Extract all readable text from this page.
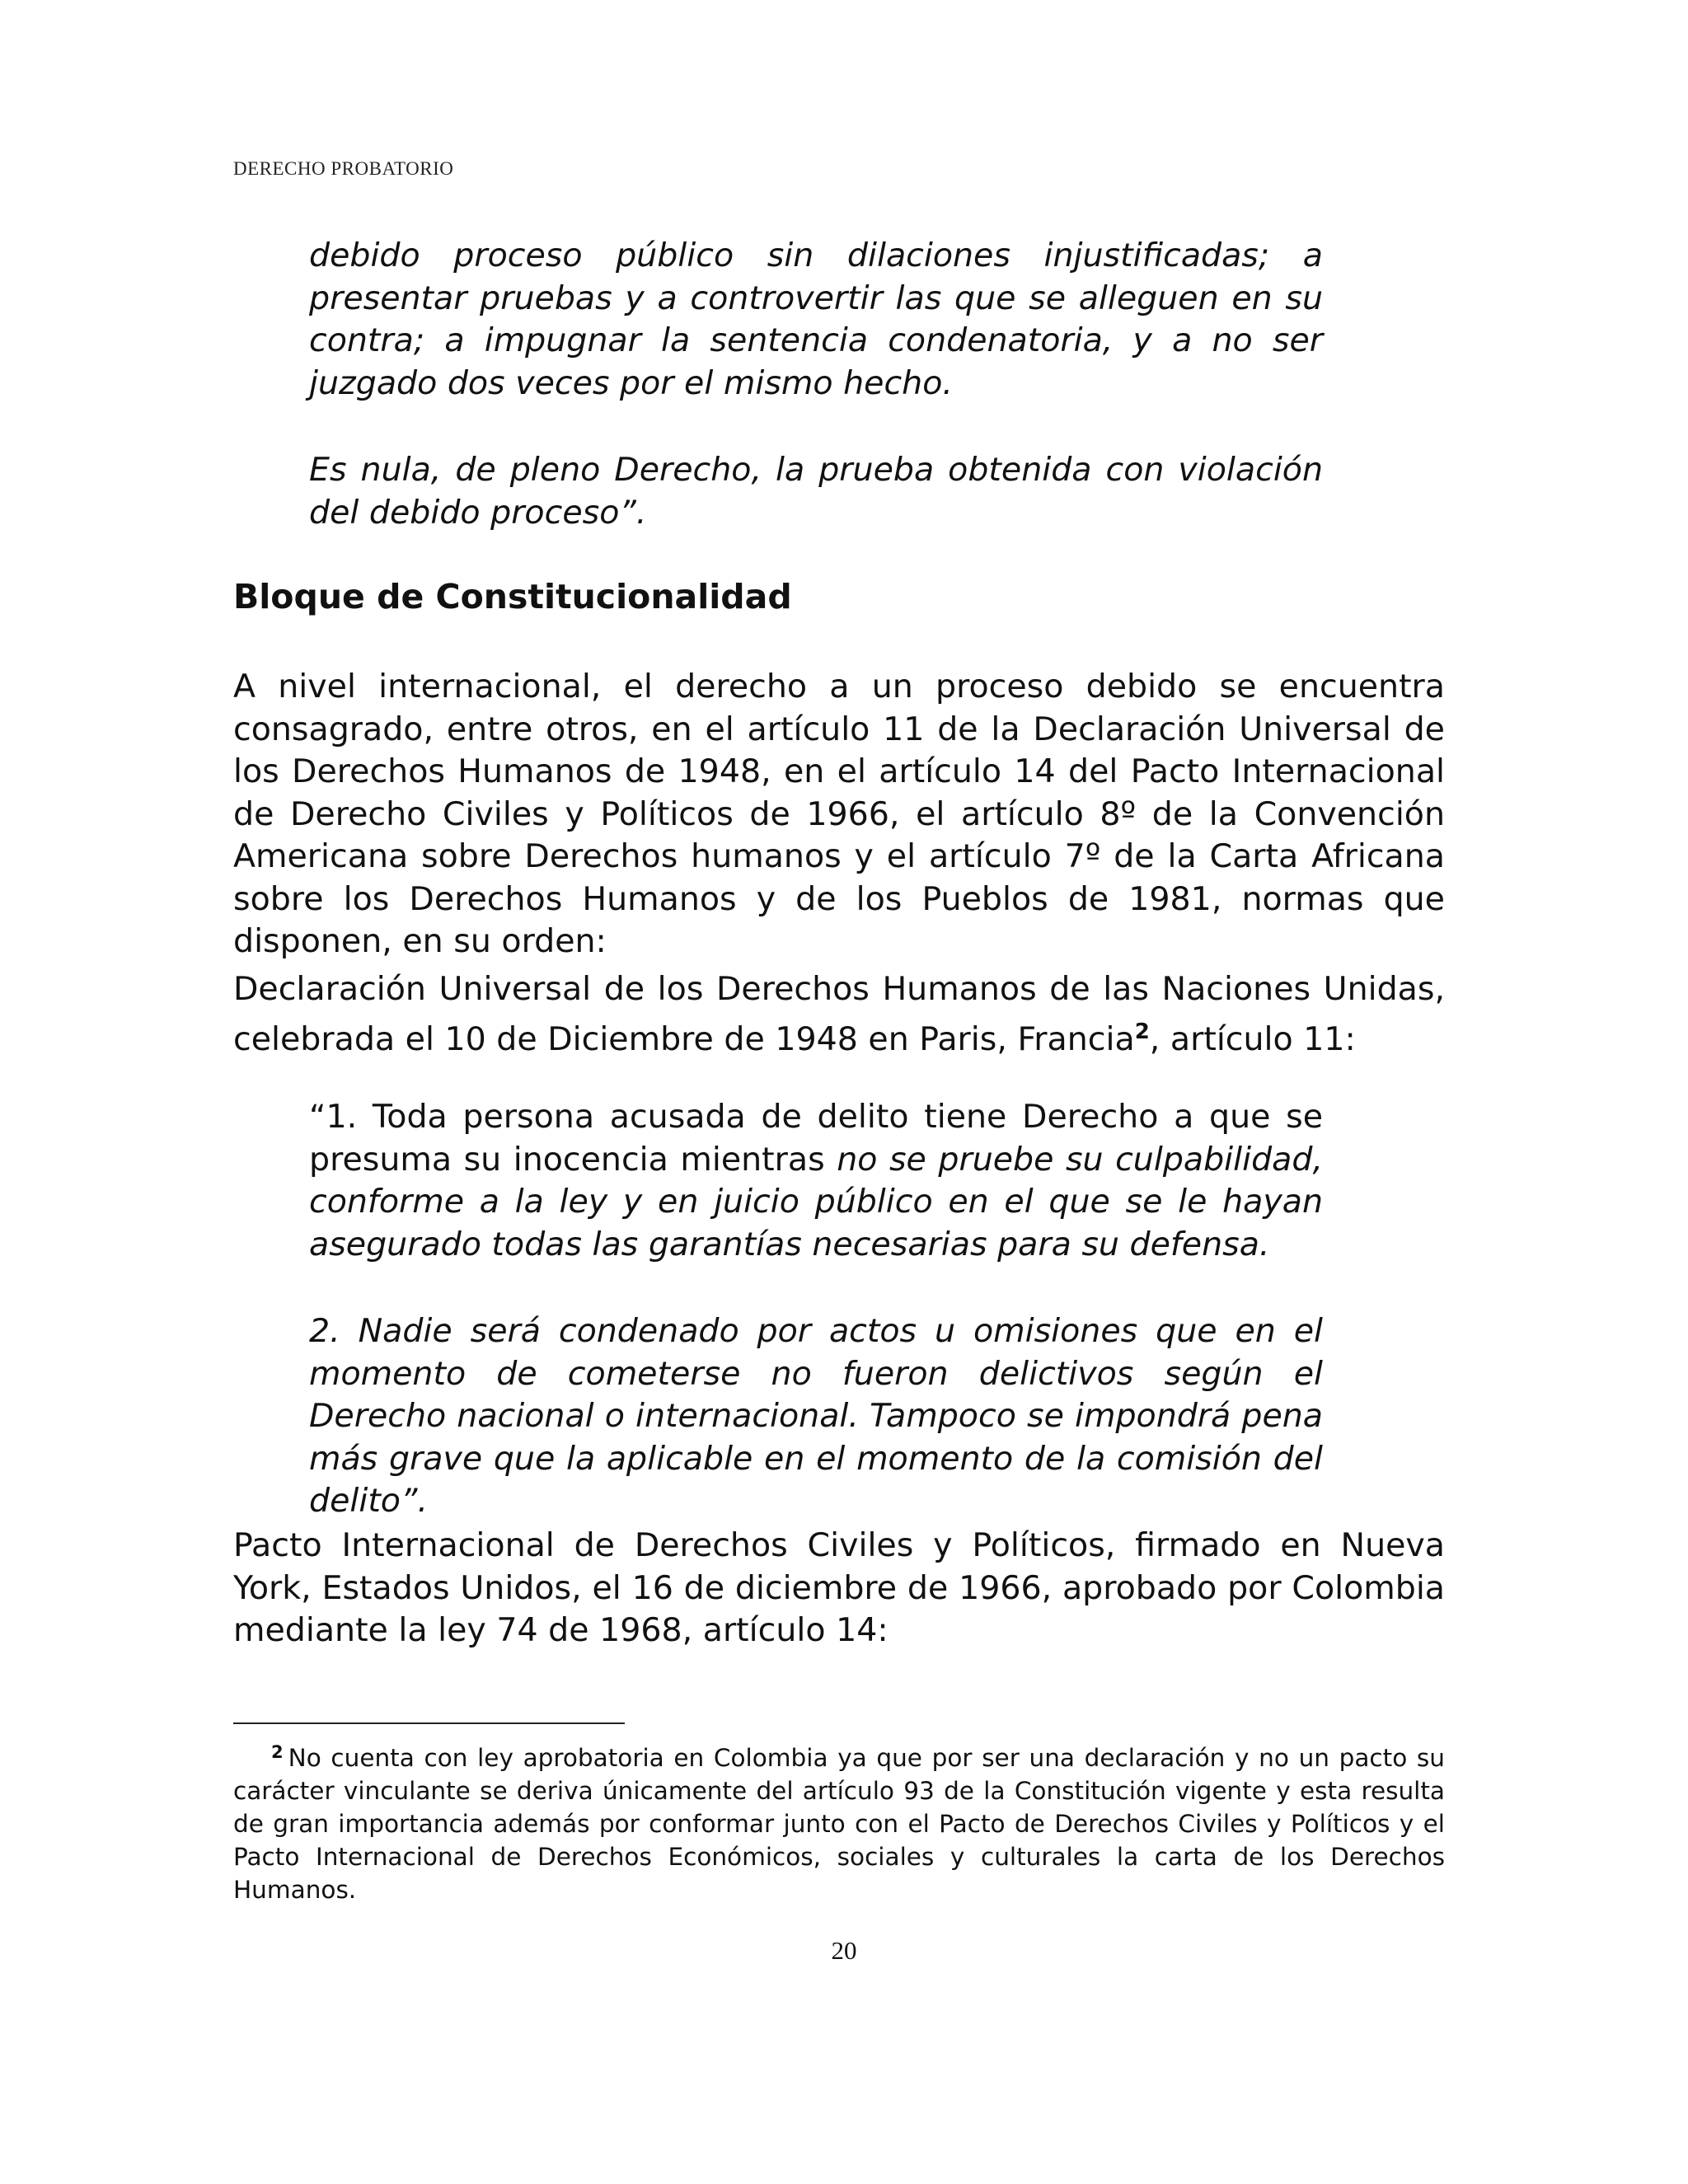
DERECHO PROBATORIO
debido proceso público sin dilaciones injustificadas; a presentar pruebas y a controvertir las que se alleguen en su contra; a impugnar la sentencia condenatoria, y a no ser juzgado dos veces por el mismo hecho.
Es nula, de pleno Derecho, la prueba obtenida con violación del debido proceso”.
Bloque de Constitucionalidad
A nivel internacional, el derecho a un proceso debido se encuentra consagrado, entre otros, en el artículo 11 de la Declaración Universal de los Derechos Humanos de 1948, en el artículo 14 del Pacto Internacional de Derecho Civiles y Políticos de 1966, el artículo 8º de la Convención Americana sobre Derechos humanos y el artículo 7º de la Carta Africana sobre los Derechos Humanos y de los Pueblos de 1981, normas que disponen, en su orden:
Declaración Universal de los Derechos Humanos de las Naciones Unidas, celebrada el 10 de Diciembre de 1948 en Paris, Francia$^2$, artículo 11:
“1. Toda persona acusada de delito tiene Derecho a que se presuma su inocencia mientras no se pruebe su culpabilidad, conforme a la ley y en juicio público en el que se le hayan asegurado todas las garantías necesarias para su defensa.
2. Nadie será condenado por actos u omisiones que en el momento de cometerse no fueron delictivos según el Derecho nacional o internacional. Tampoco se impondrá pena más grave que la aplicable en el momento de la comisión del delito”.
Pacto Internacional de Derechos Civiles y Políticos, firmado en Nueva York, Estados Unidos, el 16 de diciembre de 1966, aprobado por Colombia mediante la ley 74 de 1968, artículo 14:
$^2$ No cuenta con ley aprobatoria en Colombia ya que por ser una declaración y no un pacto su carácter vinculante se deriva únicamente del artículo 93 de la Constitución vigente y esta resulta de gran importancia además por conformar junto con el Pacto de Derechos Civiles y Políticos y el Pacto Internacional de Derechos Económicos, sociales y culturales la carta de los Derechos Humanos.
20
